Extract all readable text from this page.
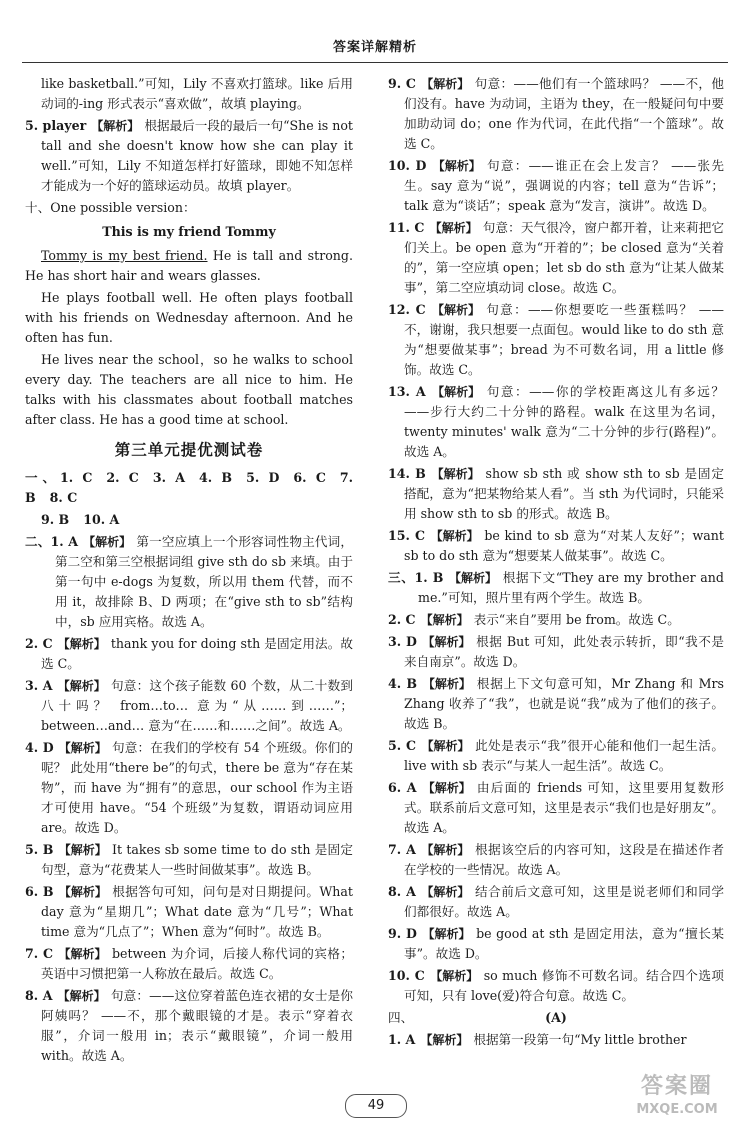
答案详解精析

like basketball.”可知，Lily 不喜欢打篮球。like 后用动词的-ing 形式表示“喜欢做”，故填 playing。

5. player 【解析】 根据最后一段的最后一句“She is not tall and she doesn't know how she can play it well.”可知，Lily 不知道怎样打好篮球，即她不知怎样才能成为一个好的篮球运动员。故填 player。

十、One possible version：

This is my friend Tommy

Tommy is my best friend. He is tall and strong. He has short hair and wears glasses.

He plays football well. He often plays football with his friends on Wednesday afternoon. And he often has fun.

He lives near the school，so he walks to school every day. The teachers are all nice to him. He talks with his classmates about football matches after class. He has a good time at school.

第三单元提优测试卷

一、1. C 2. C 3. A 4. B 5. D 6. C 7. B 8. C

9. B 10. A

二、1. A 【解析】 第一空应填上一个形容词性物主代词，第二空和第三空根据词组 give sth do sb 来填。由于第一句中 e-dogs 为复数，所以用 them 代替，而不用 it，故排除 B、D 两项；在“give sth to sb”结构中，sb 应用宾格。故选 A。

2. C 【解析】 thank you for doing sth 是固定用法。故选 C。

3. A 【解析】 句意：这个孩子能数 60 个数，从二十数到八十吗？ from…to… 意为“从……到……”；between…and… 意为“在……和……之间”。故选 A。

4. D 【解析】 句意：在我们的学校有 54 个班级。你们的呢？ 此处用“there be”的句式，there be 意为“存在某物”，而 have 为“拥有”的意思，our school 作为主语才可使用 have。“54 个班级”为复数，谓语动词应用 are。故选 D。

5. B 【解析】 It takes sb some time to do sth 是固定句型，意为“花费某人一些时间做某事”。故选 B。

6. B 【解析】 根据答句可知，问句是对日期提问。What day 意为“星期几”；What date 意为“几号”；What time 意为“几点了”；When 意为“何时”。故选 B。

7. C 【解析】 between 为介词，后接人称代词的宾格；英语中习惯把第一人称放在最后。故选 C。

8. A 【解析】 句意：——这位穿着蓝色连衣裙的女士是你阿姨吗？ ——不，那个戴眼镜的才是。表示“穿着衣服”，介词一般用 in；表示“戴眼镜”，介词一般用 with。故选 A。

9. C 【解析】 句意：——他们有一个篮球吗？ ——不，他们没有。have 为动词，主语为 they，在一般疑问句中要加助动词 do；one 作为代词，在此代指“一个篮球”。故选 C。

10. D 【解析】 句意：——谁正在会上发言？ ——张先生。say 意为“说”，强调说的内容；tell 意为“告诉”；talk 意为“谈话”；speak 意为“发言，演讲”。故选 D。

11. C 【解析】 句意：天气很冷，窗户都开着，让来莉把它们关上。be open 意为“开着的”；be closed 意为“关着的”，第一空应填 open；let sb do sth 意为“让某人做某事”，第二空应填动词 close。故选 C。

12. C 【解析】 句意：——你想要吃一些蛋糕吗？ ——不，谢谢，我只想要一点面包。would like to do sth 意为“想要做某事”；bread 为不可数名词，用 a little 修饰。故选 C。

13. A 【解析】 句意：——你的学校距离这儿有多远？ ——步行大约二十分钟的路程。walk 在这里为名词，twenty minutes' walk 意为“二十分钟的步行(路程)”。故选 A。

14. B 【解析】 show sb sth 或 show sth to sb 是固定搭配，意为“把某物给某人看”。当 sth 为代词时，只能采用 show sth to sb 的形式。故选 B。

15. C 【解析】 be kind to sb 意为“对某人友好”；want sb to do sth 意为“想要某人做某事”。故选 C。

三、1. B 【解析】 根据下文“They are my brother and me.”可知，照片里有两个学生。故选 B。

2. C 【解析】 表示“来自”要用 be from。故选 C。

3. D 【解析】 根据 But 可知，此处表示转折，即“我不是来自南京”。故选 D。

4. B 【解析】 根据上下文句意可知，Mr Zhang 和 Mrs Zhang 收养了“我”，也就是说“我”成为了他们的孩子。故选 B。

5. C 【解析】 此处是表示“我”很开心能和他们一起生活。live with sb 表示“与某人一起生活”。故选 C。

6. A 【解析】 由后面的 friends 可知，这里要用复数形式。联系前后文意可知，这里是表示“我们也是好朋友”。故选 A。

7. A 【解析】 根据该空后的内容可知，这段是在描述作者在学校的一些情况。故选 A。

8. A 【解析】 结合前后文意可知，这里是说老师们和同学们都很好。故选 A。

9. D 【解析】 be good at sth 是固定用法，意为“擅长某事”。故选 D。

10. C 【解析】 so much 修饰不可数名词。结合四个选项可知，只有 love(爱)符合句意。故选 C。

四、	(A)

1. A 【解析】 根据第一段第一句“My little brother

49
答案圈
MXQE.COM
